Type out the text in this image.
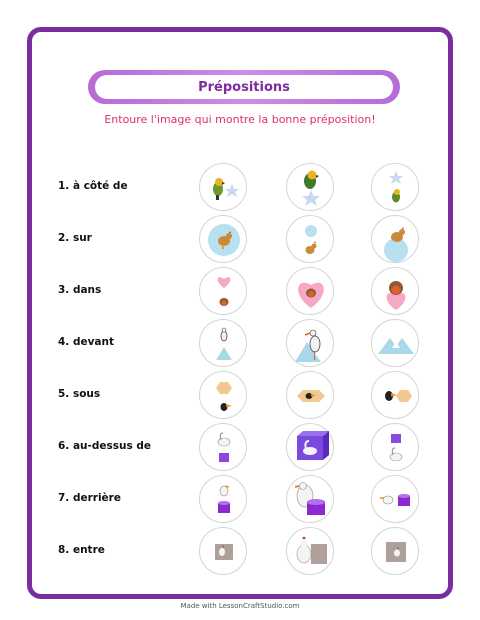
Prépositions
Entoure l'image qui montre la bonne préposition!
1. à côté de
2. sur
3. dans
4. devant
5. sous
6. au-dessus de
7. derrière
8. entre
Made with LessonCraftStudio.com
